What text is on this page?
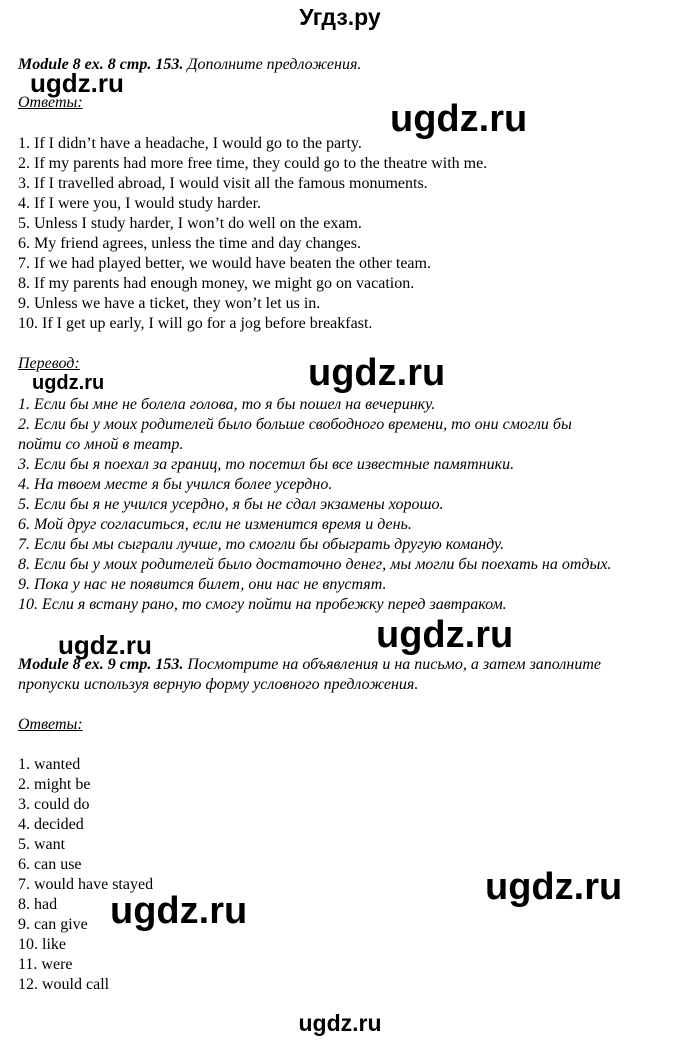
Угдз.ру
Module 8 ex. 8 стр. 153. Дополните предложения.
ugdz.ru
Ответы:	ugdz.ru
1. If I didn’t have a headache, I would go to the party.
2. If my parents had more free time, they could go to the theatre with me.
3. If I travelled abroad, I would visit all the famous monuments.
4. If I were you, I would study harder.
5. Unless I study harder, I won’t do well on the exam.
6. My friend agrees, unless the time and day changes.
7. If we had played better, we would have beaten the other team.
8. If my parents had enough money, we might go on vacation.
9. Unless we have a ticket, they won’t let us in.
10. If I get up early, I will go for a jog before breakfast.
Перевод:	ugdz.ru
ugdz.ru
1. Если бы мне не болела голова, то я бы пошел на вечеринку.
2. Если бы у моих родителей было больше свободного времени, то они смогли бы
пойти со мной в театр.
3. Если бы я поехал за границ, то посетил бы все известные памятники.
4. На твоем месте я бы учился более усердно.
5. Если бы я не учился усердно, я бы не сдал экзамены хорошо.
6. Мой друг согласиться, если не изменится время и день.
7. Если бы мы сыграли лучше, то смогли бы обыграть другую команду.
8. Если бы у моих родителей было достаточно денег, мы могли бы поехать на отдых.
9. Пока у нас не появится билет, они нас не впустят.
10. Если я встану рано, то смогу пойти на пробежку перед завтраком.
ugdz.ru	ugdz.ru
Module 8 ex. 9 стр. 153. Посмотрите на объявления и на письмо, а затем заполните
пропуски используя верную форму условного предложения.
Ответы:
1. wanted
2. might be
3. could do
4. decided
5. want
6. can use
7. would have stayed
8. had
9. can give
10. like
11. were
12. would call
ugdz.ru
ugdz.ru
ugdz.ru
